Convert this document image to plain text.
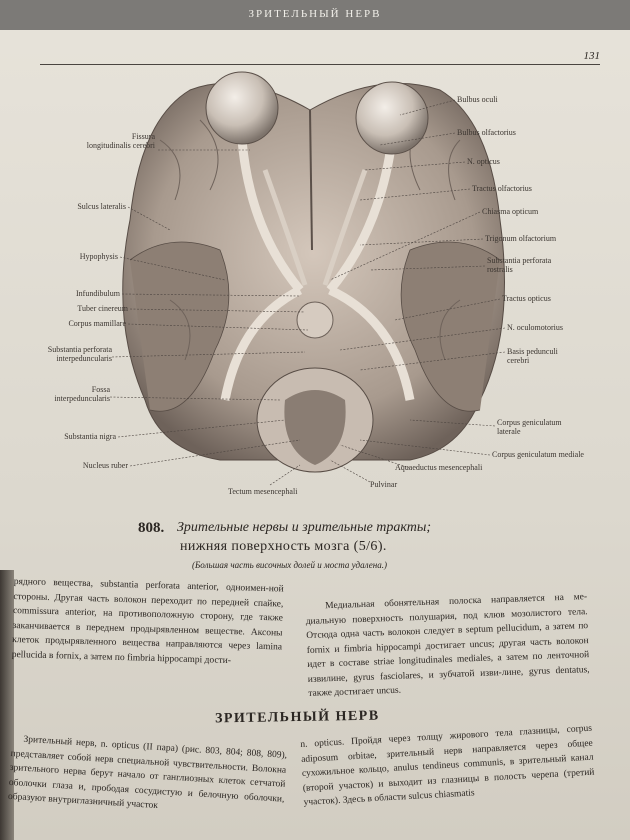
ЗРИТЕЛЬНЫЙ НЕРВ
131
Fissura
longitudinalis cerebri
Sulcus lateralis
Hypophysis
Infundibulum
Tuber cinereum
Corpus mamillare
Substantia perforata
interpeduncularis
Fossa
interpeduncularis
Substantia nigra
Nucleus ruber
Bulbus oculi
Bulbus olfactorius
N. opticus
Tractus olfactorius
Chiasma opticum
Trigonum olfactorium
Substantia perforata
rostralis
Tractus opticus
N. oculomotorius
Basis pedunculi
cerebri
Corpus geniculatum
laterale
Corpus geniculatum mediale
Aquaeductus mesencephali
Pulvinar
Tectum mesencephali
808. Зрительные нервы и зрительные тракты;
нижняя поверхность мозга (5/6).
(Большая часть височных долей и моста удалена.)

рядного вещества, substantia perforata anterior, одноимен-ной стороны. Другая часть волокон переходит по передней спайке, commissura anterior, на противоположную сторону, где также заканчивается в переднем продырявленном веществе. Аксоны клеток продырявленного вещества направляются через lamina pellucida в fornix, а затем по fimbria hippocampi дости-

Медиальная обонятельная полоска направляется на ме-диальную поверхность полушария, под клюв мозолистого тела. Отсюда одна часть волокон следует в septum pellucidum, а затем по fornix и fimbria hippocampi достигает uncus; другая часть волокон идет в составе striae longitudinales mediales, а затем по ленточной извилине, gyrus fasciolares, и зубчатой изви-лине, gyrus dentatus, также достигает uncus.

ЗРИТЕЛЬНЫЙ НЕРВ

Зрительный нерв, n. opticus (II пара) (рис. 803, 804; 808, 809), представляет собой нерв специальной чувствительности. Волокна зрительного нерва берут начало от ганглиозных клеток сетчатой оболочки глаза и, прободая сосудистую и белочную оболочки, образуют внутриглазничный участок

n. opticus. Пройдя через толщу жирового тела глазницы, corpus adiposum orbitae, зрительный нерв направляется через общее сухожильное кольцо, anulus tendineus communis, в зрительный канал (второй участок) и выходит из глазницы в полость черепа (третий участок). Здесь в области sulcus chiasmatis
